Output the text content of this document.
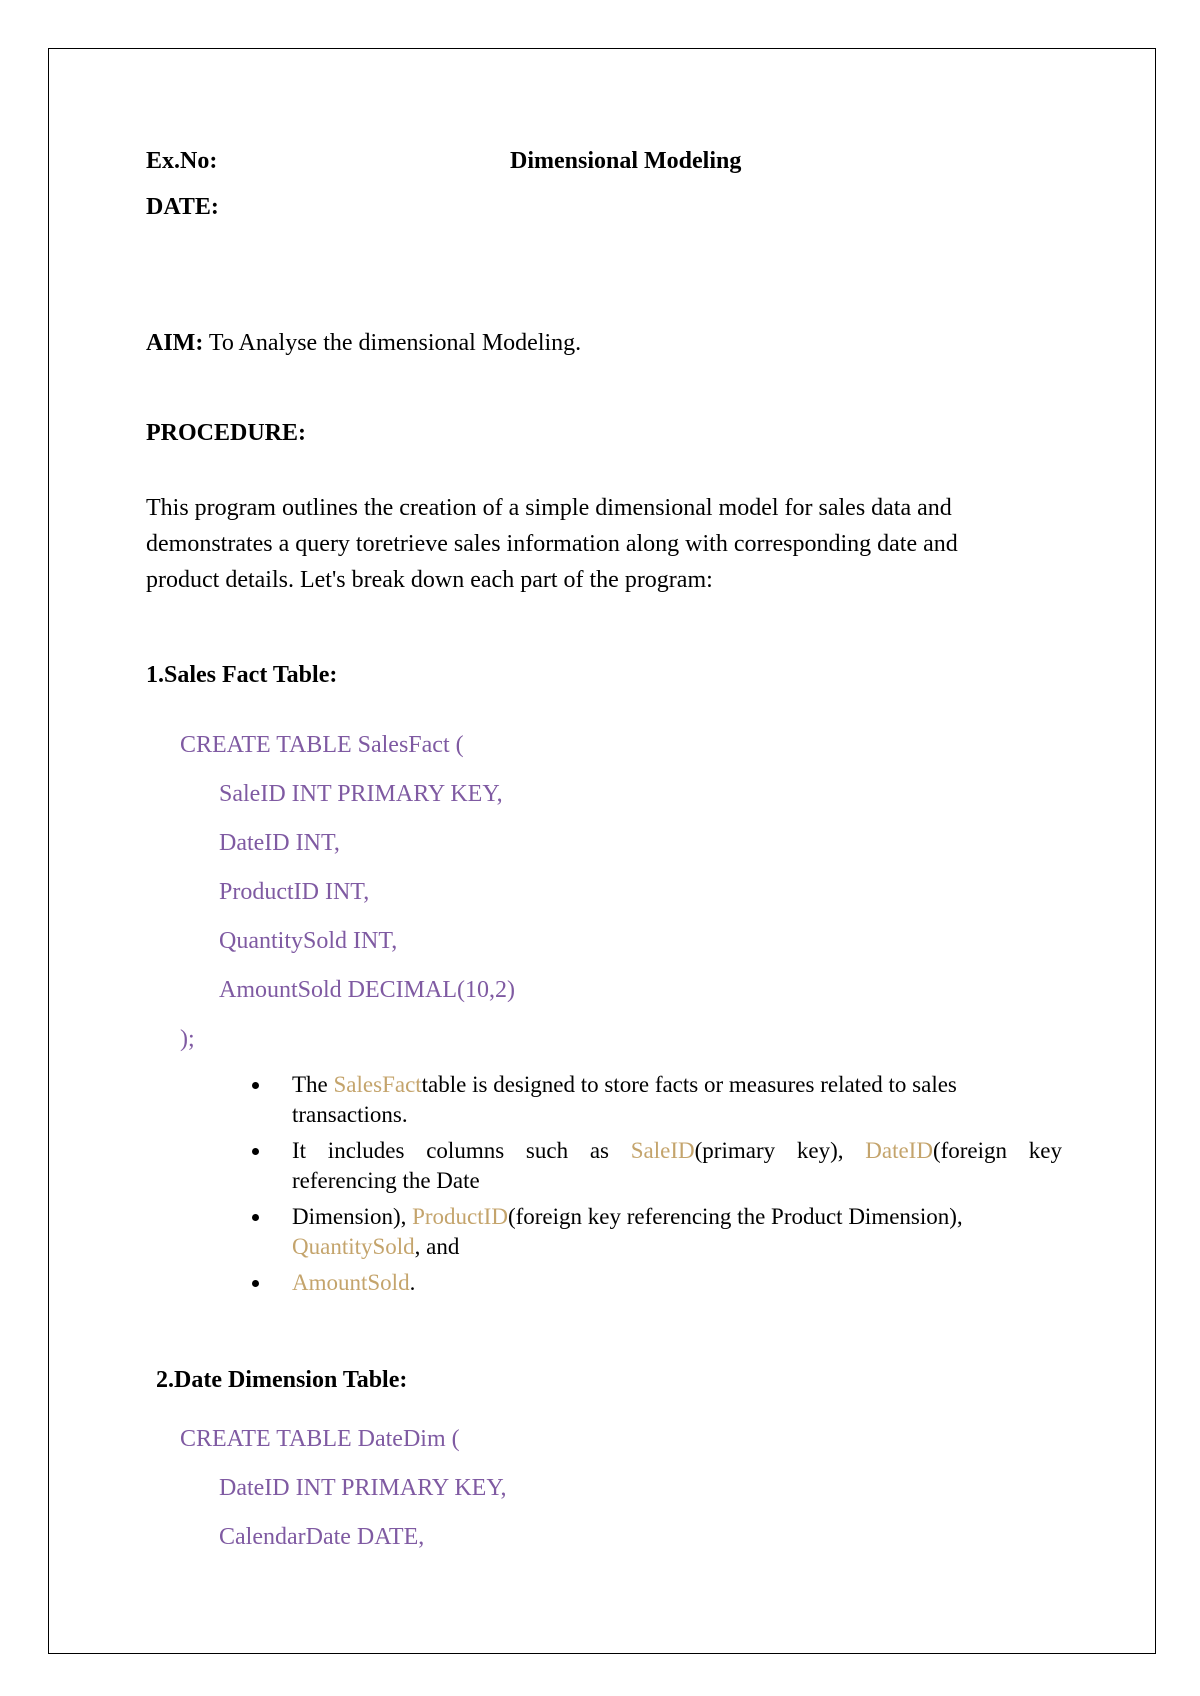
Ex.No:	Dimensional Modeling
DATE:
AIM: To Analyse the dimensional Modeling.
PROCEDURE:

This program outlines the creation of a simple dimensional model for sales data and

demonstrates a query toretrieve sales information along with corresponding date and

product details. Let's break down each part of the program:

1.Sales Fact Table:
CREATE TABLE SalesFact (
SaleID INT PRIMARY KEY,
DateID INT,
ProductID INT,
QuantitySold INT,
AmountSold DECIMAL(10,2)
);
The SalesFacttable is designed to store facts or measures related to sales
transactions.
It includes columns such as SaleID(primary key), DateID(foreign key
referencing the Date
Dimension), ProductID(foreign key referencing the Product Dimension),
QuantitySold, and
AmountSold.
2.Date Dimension Table:
CREATE TABLE DateDim (
DateID INT PRIMARY KEY,
CalendarDate DATE,
